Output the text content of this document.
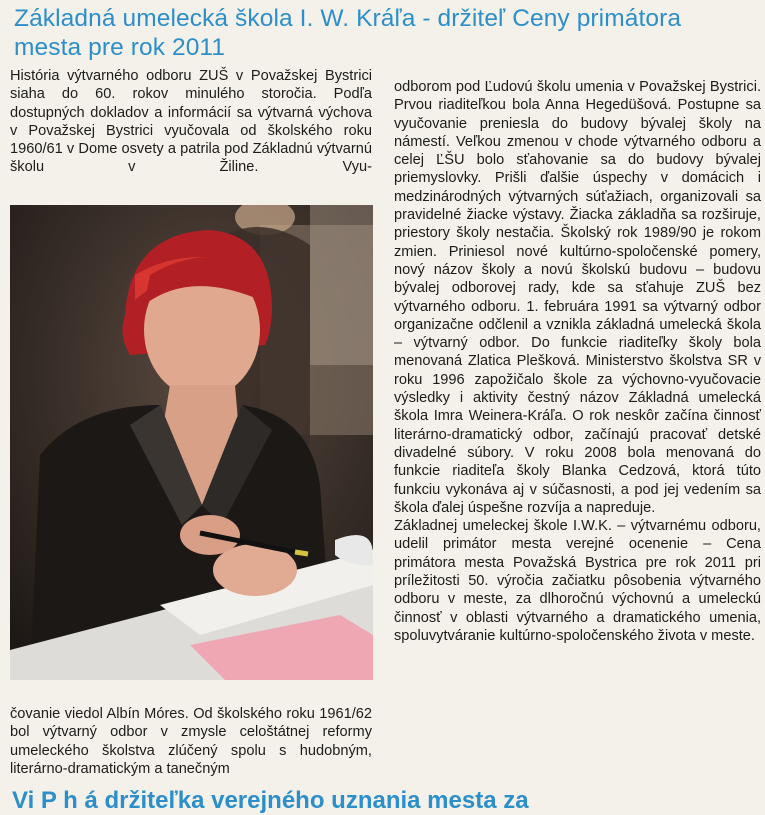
Základná umelecká škola I. W. Kráľa - držiteľ Ceny primátora mesta pre rok 2011

História výtvarného odboru ZUŠ v Považskej Bystrici siaha do 60. rokov minulého storočia. Podľa dostupných dokladov a informácií sa výtvarná výchova v Považskej Bystrici vyučovala od školského roku 1960/61 v Dome osvety a patrila pod Základnú výtvarnú školu v Žiline. Vyu-

čovanie viedol Albín Móres. Od školského roku 1961/62 bol výtvarný odbor v zmysle celoštátnej reformy umeleckého školstva zlúčený spolu s hudobným, literárno-dramatickým a tanečným

odborom pod Ľudovú školu umenia v Považskej Bystrici. Prvou riaditeľkou bola Anna Hegedüšová. Postupne sa vyučovanie preniesla do budovy bývalej školy na námestí. Veľkou zmenou v chode výtvarného odboru a celej ĽŠU bolo sťahovanie sa do budovy bývalej priemyslovky. Prišli ďalšie úspechy v domácich i medzinárodných výtvarných súťažiach, organizovali sa pravidelné žiacke výstavy. Žiacka základňa sa rozširuje, priestory školy nestačia. Školský rok 1989/90 je rokom zmien. Priniesol nové kultúrno-spoločenské pomery, nový názov školy a novú školskú budovu – budovu bývalej odborovej rady, kde sa sťahuje ZUŠ bez výtvarného odboru. 1. februára 1991 sa výtvarný odbor organizačne odčlenil a vznikla základná umelecká škola – výtvarný odbor. Do funkcie riaditeľky školy bola menovaná Zlatica Plešková. Ministerstvo školstva SR v roku 1996 zapožičalo škole za výchovno-vyučovacie výsledky i aktivity čestný názov Základná umelecká škola Imra Weinera-Kráľa. O rok neskôr začína činnosť literárno-dramatický odbor, začínajú pracovať detské divadelné súbory. V roku 2008 bola menovaná do funkcie riaditeľa školy Blanka Cedzová, ktorá túto funkciu vykonáva aj v súčasnosti, a pod jej vedením sa škola ďalej úspešne rozvíja a napreduje.

Základnej umeleckej škole I.W.K. – výtvarnému odboru, udelil primátor mesta verejné ocenenie – Cena primátora mesta Považská Bystrica pre rok 2011 pri príležitosti 50. výročia začiatku pôsobenia výtvarného odboru v meste, za dlhoročnú výchovnú a umeleckú činnosť v oblasti výtvarného a dramatického umenia, spoluvytváranie kultúrno-spoločenského života v meste.

Vi P h á držiteľka verejného uznania mesta za
